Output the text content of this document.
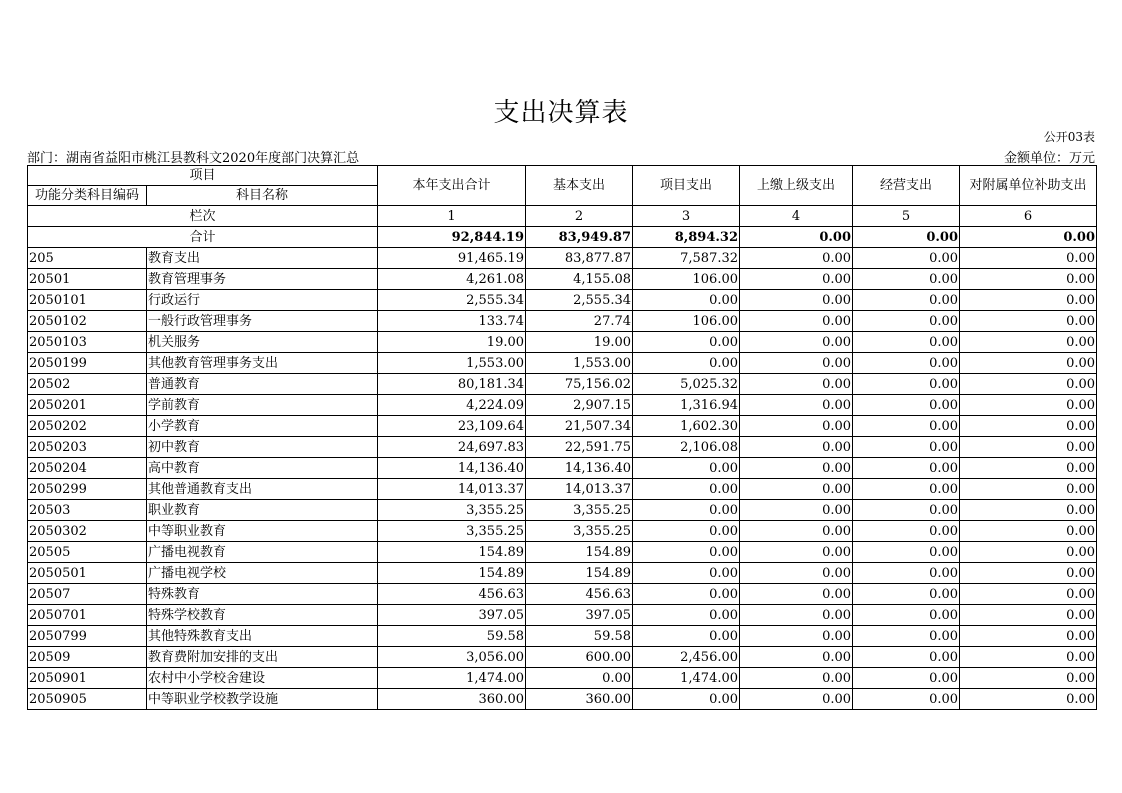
支出决算表
公开03表
部门：湖南省益阳市桃江县教科文2020年度部门决算汇总	金额单位：万元
项目		本年支出合计	基本支出	项目支出	上缴上级支出	经营支出	对附属单位补助支出
功能分类科目编码	科目名称						
栏次		1	2	3	4	5	6
合计		92,844.19	83,949.87	8,894.32	0.00	0.00	0.00
205	教育支出	91,465.19	83,877.87	7,587.32	0.00	0.00	0.00
20501	教育管理事务	4,261.08	4,155.08	106.00	0.00	0.00	0.00
2050101	行政运行	2,555.34	2,555.34	0.00	0.00	0.00	0.00
2050102	一般行政管理事务	133.74	27.74	106.00	0.00	0.00	0.00
2050103	机关服务	19.00	19.00	0.00	0.00	0.00	0.00
2050199	其他教育管理事务支出	1,553.00	1,553.00	0.00	0.00	0.00	0.00
20502	普通教育	80,181.34	75,156.02	5,025.32	0.00	0.00	0.00
2050201	学前教育	4,224.09	2,907.15	1,316.94	0.00	0.00	0.00
2050202	小学教育	23,109.64	21,507.34	1,602.30	0.00	0.00	0.00
2050203	初中教育	24,697.83	22,591.75	2,106.08	0.00	0.00	0.00
2050204	高中教育	14,136.40	14,136.40	0.00	0.00	0.00	0.00
2050299	其他普通教育支出	14,013.37	14,013.37	0.00	0.00	0.00	0.00
20503	职业教育	3,355.25	3,355.25	0.00	0.00	0.00	0.00
2050302	中等职业教育	3,355.25	3,355.25	0.00	0.00	0.00	0.00
20505	广播电视教育	154.89	154.89	0.00	0.00	0.00	0.00
2050501	广播电视学校	154.89	154.89	0.00	0.00	0.00	0.00
20507	特殊教育	456.63	456.63	0.00	0.00	0.00	0.00
2050701	特殊学校教育	397.05	397.05	0.00	0.00	0.00	0.00
2050799	其他特殊教育支出	59.58	59.58	0.00	0.00	0.00	0.00
20509	教育费附加安排的支出	3,056.00	600.00	2,456.00	0.00	0.00	0.00
2050901	农村中小学校舍建设	1,474.00	0.00	1,474.00	0.00	0.00	0.00
2050905	中等职业学校教学设施	360.00	360.00	0.00	0.00	0.00	0.00
